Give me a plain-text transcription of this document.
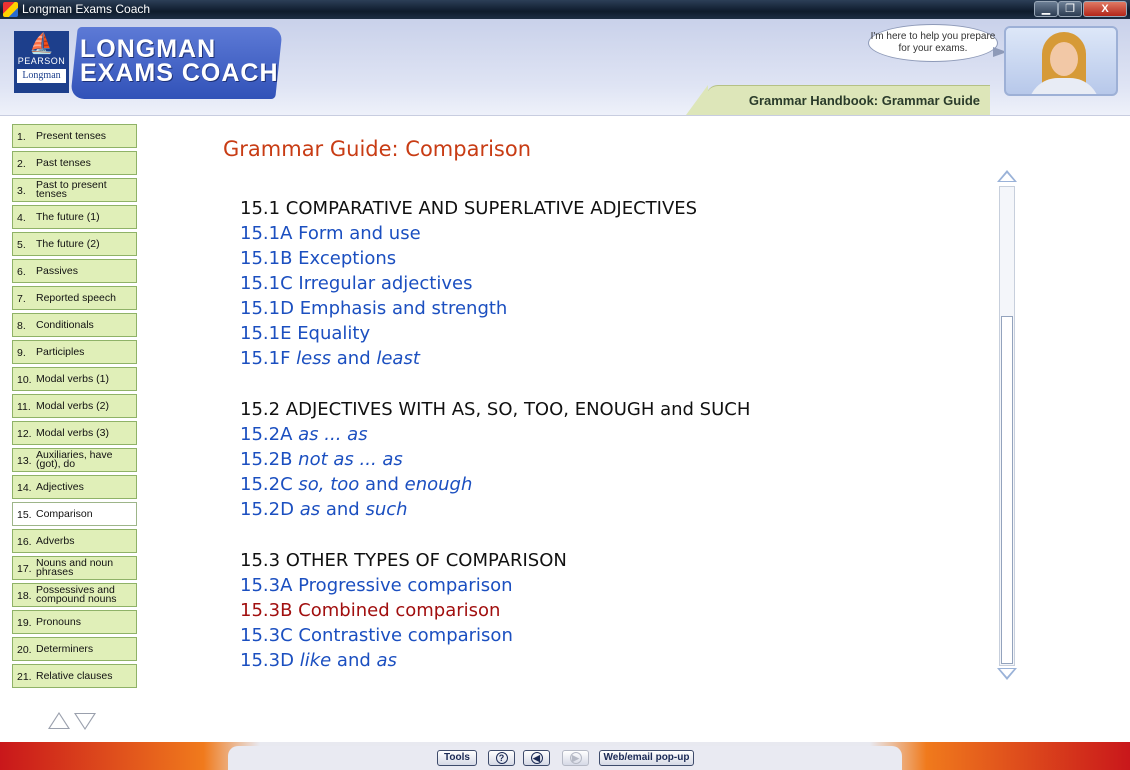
Longman Exams Coach	▁	❐	X
⛵
PEARSON
Longman
LONGMAN
EXAMS COACH
I'm here to help you prepare for your exams.
Grammar Handbook: Grammar Guide
1. Present tenses
2. Past tenses
3. Past to present tenses
4. The future (1)
5. The future (2)
6. Passives
7. Reported speech
8. Conditionals
9. Participles
10. Modal verbs (1)
11. Modal verbs (2)
12. Modal verbs (3)
13. Auxiliaries, have (got), do
14. Adjectives
15. Comparison
16. Adverbs
17. Nouns and noun phrases
18. Possessives and compound nouns
19. Pronouns
20. Determiners
21. Relative clauses
Grammar Guide: Comparison
15.1 COMPARATIVE AND SUPERLATIVE ADJECTIVES
15.1A Form and use
15.1B Exceptions
15.1C Irregular adjectives
15.1D Emphasis and strength
15.1E Equality
15.1F less and least
15.2 ADJECTIVES WITH AS, SO, TOO, ENOUGH and SUCH
15.2A as ... as
15.2B not as ... as
15.2C so, too and enough
15.2D as and such
15.3 OTHER TYPES OF COMPARISON
15.3A Progressive comparison
15.3B Combined comparison
15.3C Contrastive comparison
15.3D like and as
Tools	?	◀	▶	Web/email pop-up
